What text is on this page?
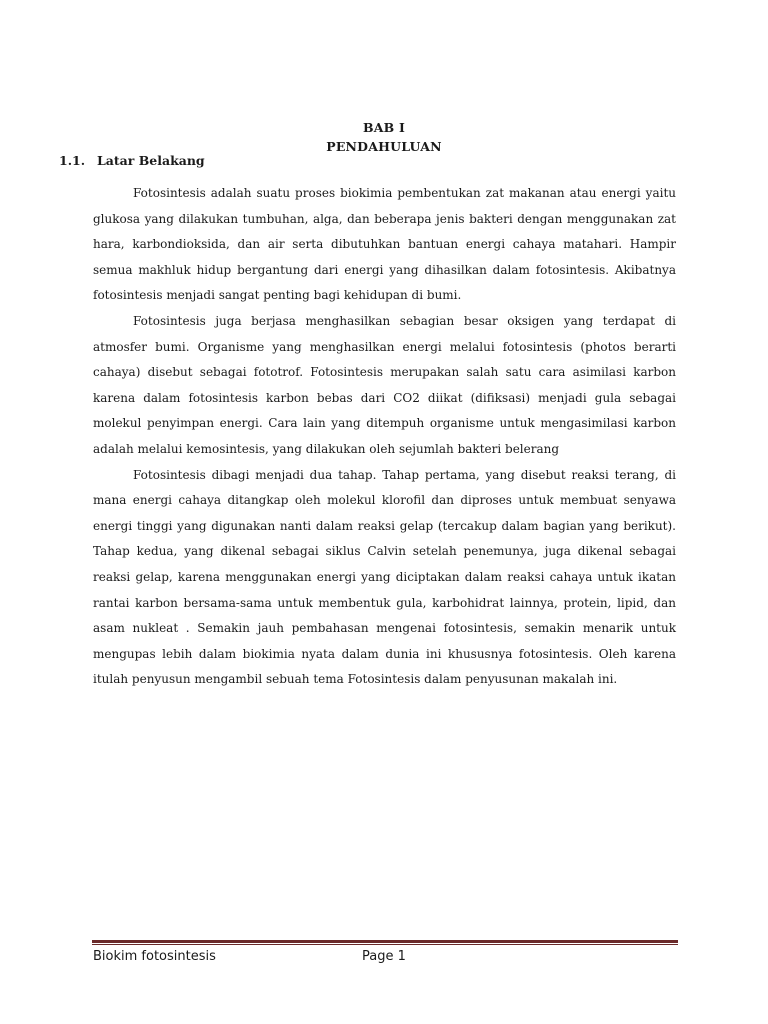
BAB I
PENDAHULUAN
1.1. Latar Belakang

Fotosintesis adalah suatu proses biokimia pembentukan zat makanan atau energi yaitu glukosa yang dilakukan tumbuhan, alga, dan beberapa jenis bakteri dengan menggunakan zat hara, karbondioksida, dan air serta dibutuhkan bantuan energi cahaya matahari. Hampir semua makhluk hidup bergantung dari energi yang dihasilkan dalam fotosintesis. Akibatnya fotosintesis menjadi sangat penting bagi kehidupan di bumi.

Fotosintesis juga berjasa menghasilkan sebagian besar oksigen yang terdapat di atmosfer bumi. Organisme yang menghasilkan energi melalui fotosintesis (photos berarti cahaya) disebut sebagai fototrof. Fotosintesis merupakan salah satu cara asimilasi karbon karena dalam fotosintesis karbon bebas dari CO2 diikat (difiksasi) menjadi gula sebagai molekul penyimpan energi. Cara lain yang ditempuh organisme untuk mengasimilasi karbon adalah melalui kemosintesis, yang dilakukan oleh sejumlah bakteri belerang

Fotosintesis dibagi menjadi dua tahap. Tahap pertama, yang disebut reaksi terang, di mana energi cahaya ditangkap oleh molekul klorofil dan diproses untuk membuat senyawa energi tinggi yang digunakan nanti dalam reaksi gelap (tercakup dalam bagian yang berikut). Tahap kedua, yang dikenal sebagai siklus Calvin setelah penemunya, juga dikenal sebagai reaksi gelap, karena menggunakan energi yang diciptakan dalam reaksi cahaya untuk ikatan rantai karbon bersama-sama untuk membentuk gula, karbohidrat lainnya, protein, lipid, dan asam nukleat . Semakin jauh pembahasan mengenai fotosintesis, semakin menarik untuk mengupas lebih dalam biokimia nyata dalam dunia ini khususnya fotosintesis. Oleh karena itulah penyusun mengambil sebuah tema Fotosintesis dalam penyusunan makalah ini.

Biokim fotosintesis	Page 1
